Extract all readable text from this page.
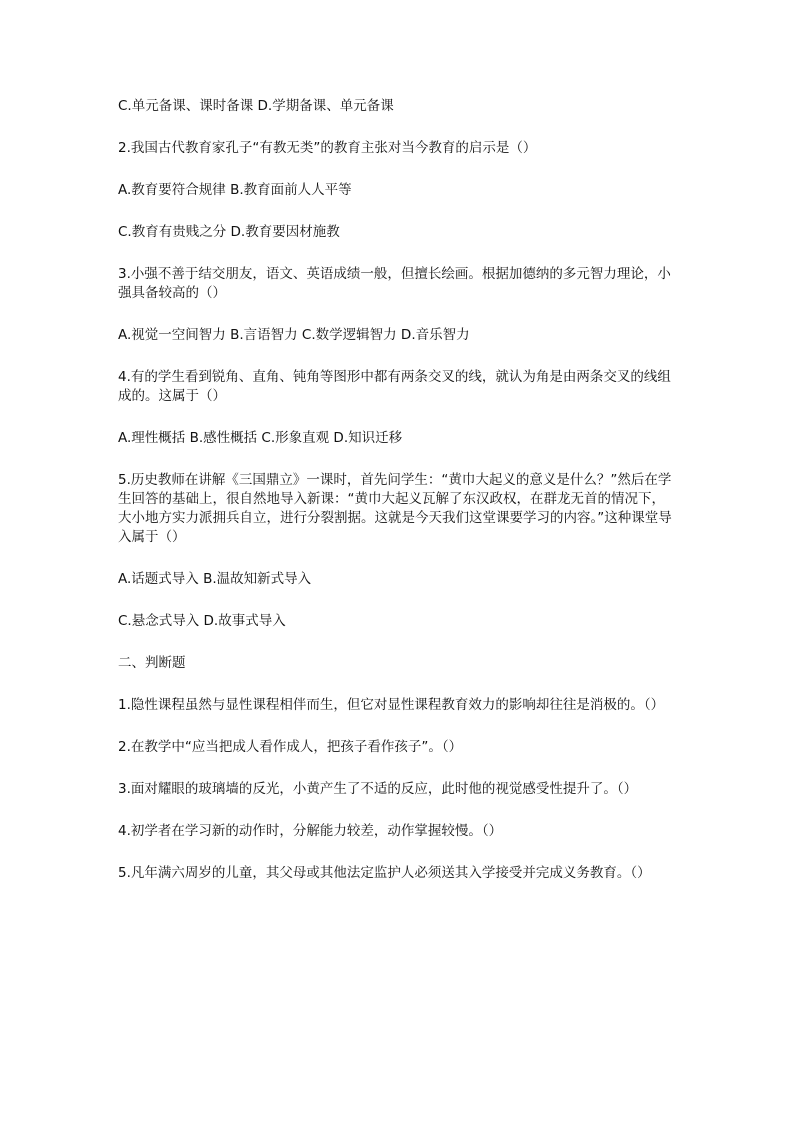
C.单元备课、课时备课 D.学期备课、单元备课

2.我国古代教育家孔子“有教无类”的教育主张对当今教育的启示是（）

A.教育要符合规律 B.教育面前人人平等

C.教育有贵贱之分 D.教育要因材施教

3.小强不善于结交朋友，语文、英语成绩一般，但擅长绘画。根据加德纳的多元智力理论，小强具备较高的（）

A.视觉一空间智力 B.言语智力 C.数学逻辑智力 D.音乐智力

4.有的学生看到锐角、直角、钝角等图形中都有两条交叉的线，就认为角是由两条交叉的线组成的。这属于（）

A.理性概括 B.感性概括 C.形象直观 D.知识迁移

5.历史教师在讲解《三国鼎立》一课时，首先问学生：“黄巾大起义的意义是什么？”然后在学生回答的基础上，很自然地导入新课：“黄巾大起义瓦解了东汉政权，在群龙无首的情况下，大小地方实力派拥兵自立，进行分裂割据。这就是今天我们这堂课要学习的内容。”这种课堂导入属于（）

A.话题式导入 B.温故知新式导入

C.悬念式导入 D.故事式导入

二、判断题

1.隐性课程虽然与显性课程相伴而生，但它对显性课程教育效力的影响却往往是消极的。（）

2.在教学中“应当把成人看作成人，把孩子看作孩子”。（）

3.面对耀眼的玻璃墙的反光，小黄产生了不适的反应，此时他的视觉感受性提升了。（）

4.初学者在学习新的动作时，分解能力较差，动作掌握较慢。（）

5.凡年满六周岁的儿童，其父母或其他法定监护人必须送其入学接受并完成义务教育。（）
